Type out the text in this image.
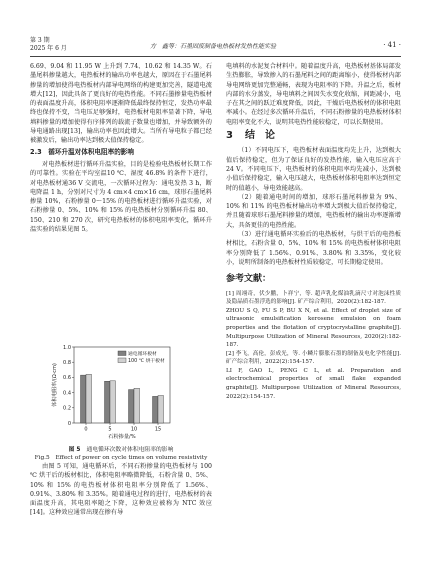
第 3 期
2025 年 6 月	方　鑫等：石墨固废制备电热板材发热性能实验	· 41 ·

6.69、9.04 和 11.95 W 上升到 7.74、10.62 和 14.35 W。石墨尾料掺量越大，电热板材的输出功率也越大，原因在于石墨尾料掺量的增加使得电热板材内部导电网络的构建更加完善，隧道电流增大[12]，因此具备了更良好的电热性能。不同石墨掺量电热板材的表面温度升高，体积电阻率逐渐降低最终保持恒定，发热功率最终也保持不变，当电压足够强时，电热板材电阻率显著下降，导电填料掺量的增加使得有序排列的载流子数量也增加，并导致额外的导电通路出现[13]，输出功率也因此增大。当所有导电粒子都已经被激发后，输出功率达到极大值保持稳定。

2.3　循环升温对体积电阻率的影响

对电热板材进行循环升温实验，目的是检验电热板材长期工作的可靠性。实验在平均室温10 ℃、湿度 46.8% 的条件下进行，对电热板材通36 V 交流电，一次循环过程为：通电发热 3 h，断电降温 1 h，分别对尺寸为 4 cm×4 cm×16 cm，球形石墨尾料掺量 10%，石粉掺量 0～15% 的电热板材进行循环升温实验，对石粉掺量 0、5%、10% 和 15% 的电热板材分别循环升温 80、150、210 和 270 次，研究电热板材的体积电阻率变化，循环升温实验的结果见图 5。

0
0.2
0.4
0.6
0.8
1.0
体积电阻率/(Ω·cm)
0	5	10	15
石粉掺量/%
通电循环板材
100 ℃ 烘干板材
图 5 通电循环次数对体积电阻率的影响
Fig.5　Effect of power on cycle times on volume resistivity

由图 5 可知，通电循环后，不同石粉掺量的电热板材与 100 ℃ 烘干后的板材相比，体积电阻率略微降低，石粉含量 0、5%、10% 和 15% 的电热板材体积电阻率分别降低了 1.56%、0.91%、3.80% 和 3.35%。随着通电过程的进行，电热板材的表面温度升高，其电阻率随之下降，这种效应被称为 NTC 效应[14]。这种效应通常出现在掺有导

电填料的水泥复合材料中。随着温度升高，电热板材基体局部发生热膨胀，导致掺入的石墨尾料之间的距离缩小，使得板材内部导电网络更加完整通畅，表现为电阻率的下降。升温之后，板材内部的水分蒸发，导电填料之间因失水变化收缩，间距减小，电子在其之间的跃迁难度降低，因此，干燥后电热板材的体积电阻率减小。在经过多次循环升温后，不同石粉掺量的电热板材体积电阻率变化不大，说明其电热性能较稳定，可以长期使用。

3 结　论

（1）不同电压下，电热板材表面温度均先上升，达到极大值后保持稳定，但为了保证良好的发热性能，输入电压应高于 24 V。不同电压下，电热板材的体积电阻率均先减小，达到极小值后保持稳定，输入电压越大，电热板材体积电阻率达到恒定时的值越小，导电效能越高。

（2）随着通电时间的增加，球形石墨尾料掺量为 9%、10% 和 11% 的电热板材输出功率增大到极大值后保持稳定，并且随着球形石墨尾料掺量的增加，电热板材的输出功率逐渐增大，具备更佳的电热性能。

（3）进行通电循环实验后的电热板材，与烘干后的电热板材相比，石粉含量 0、5%、10% 和 15% 的电热板材体积电阻率分别降低了 1.56%、0.91%、3.80% 和 3.35%，变化较小，说明所制备的电热板材性质较稳定，可长期稳定使用。

参考文献：

[1] 周翊奇，伏少鹏，卜祥宁，等. 超声乳化煤油乳滴尺寸对泡沫性质及隐晶质石墨浮选的影响[J]. 矿产综合利用，2020(2):182-187.

ZHOU S Q, FU S P, BU X N, et al. Effect of droplet size of ultrasonic emulsification kerosene emulsion on foam properties and the flotation of cryptocrystalline graphite[J]. Multipurpose Utilization of Mineral Resources, 2020(2):182-187.

[2] 李飞，高伦，彭成光，等. 小鳞片膨胀石墨的制备及电化学性能[J]. 矿产综合利用，2022(2):154-157.

LI F, GAO L, PENG C L, et al. Preparation and electrochemical properties of small flake expanded graphite[J]. Multipurpose Utilization of Mineral Resources, 2022(2):154-157.
